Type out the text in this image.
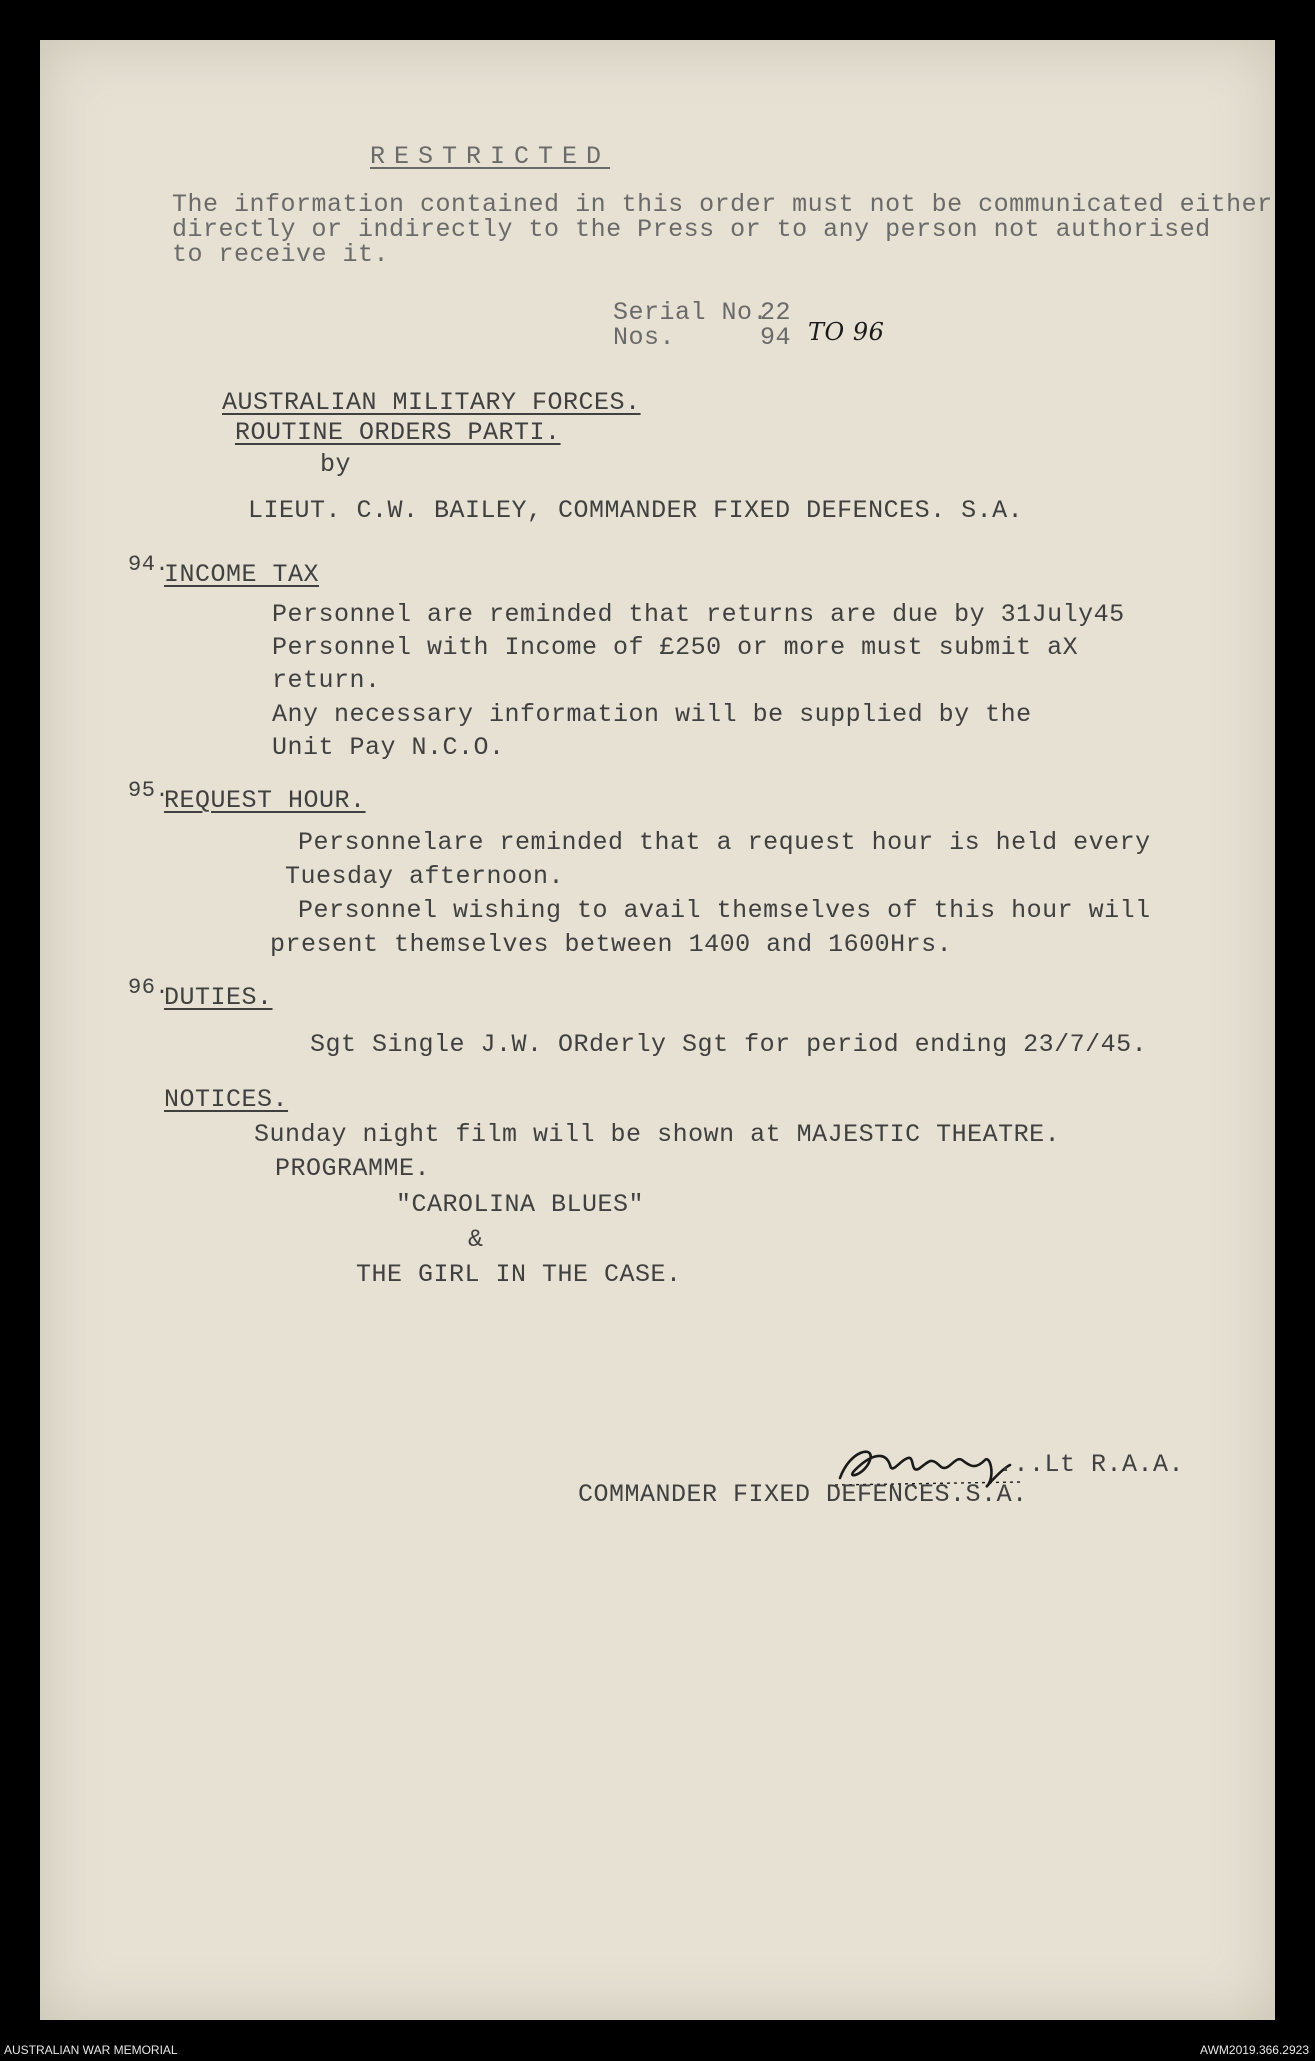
RESTRICTED
The information contained in this order must not be communicated either
directly or indirectly to the Press or to any person not authorised
to receive it.
Serial No.
22
Nos.	94 TO 96
AUSTRALIAN MILITARY FORCES.
ROUTINE ORDERS PARTI.
by
LIEUT. C.W. BAILEY, COMMANDER FIXED DEFENCES. S.A.
94.
INCOME TAX
Personnel are reminded that returns are due by 31July45
Personnel with Income of £250 or more must submit aX
return.
Any necessary information will be supplied by the
Unit Pay N.C.O.
95.
REQUEST HOUR.
Personnelare reminded that a request hour is held every
Tuesday afternoon.
Personnel wishing to avail themselves of this hour will
present themselves between 1400 and 1600Hrs.
96.
DUTIES.
Sgt Single J.W. ORderly Sgt for period ending 23/7/45.
NOTICES.
Sunday night film will be shown at MAJESTIC THEATRE.
PROGRAMME.
"CAROLINA BLUES"
&
THE GIRL IN THE CASE.
...Lt R.A.A.
COMMANDER FIXED DEFENCES.S.A.
AUSTRALIAN WAR MEMORIAL	AWM2019.366.2923
